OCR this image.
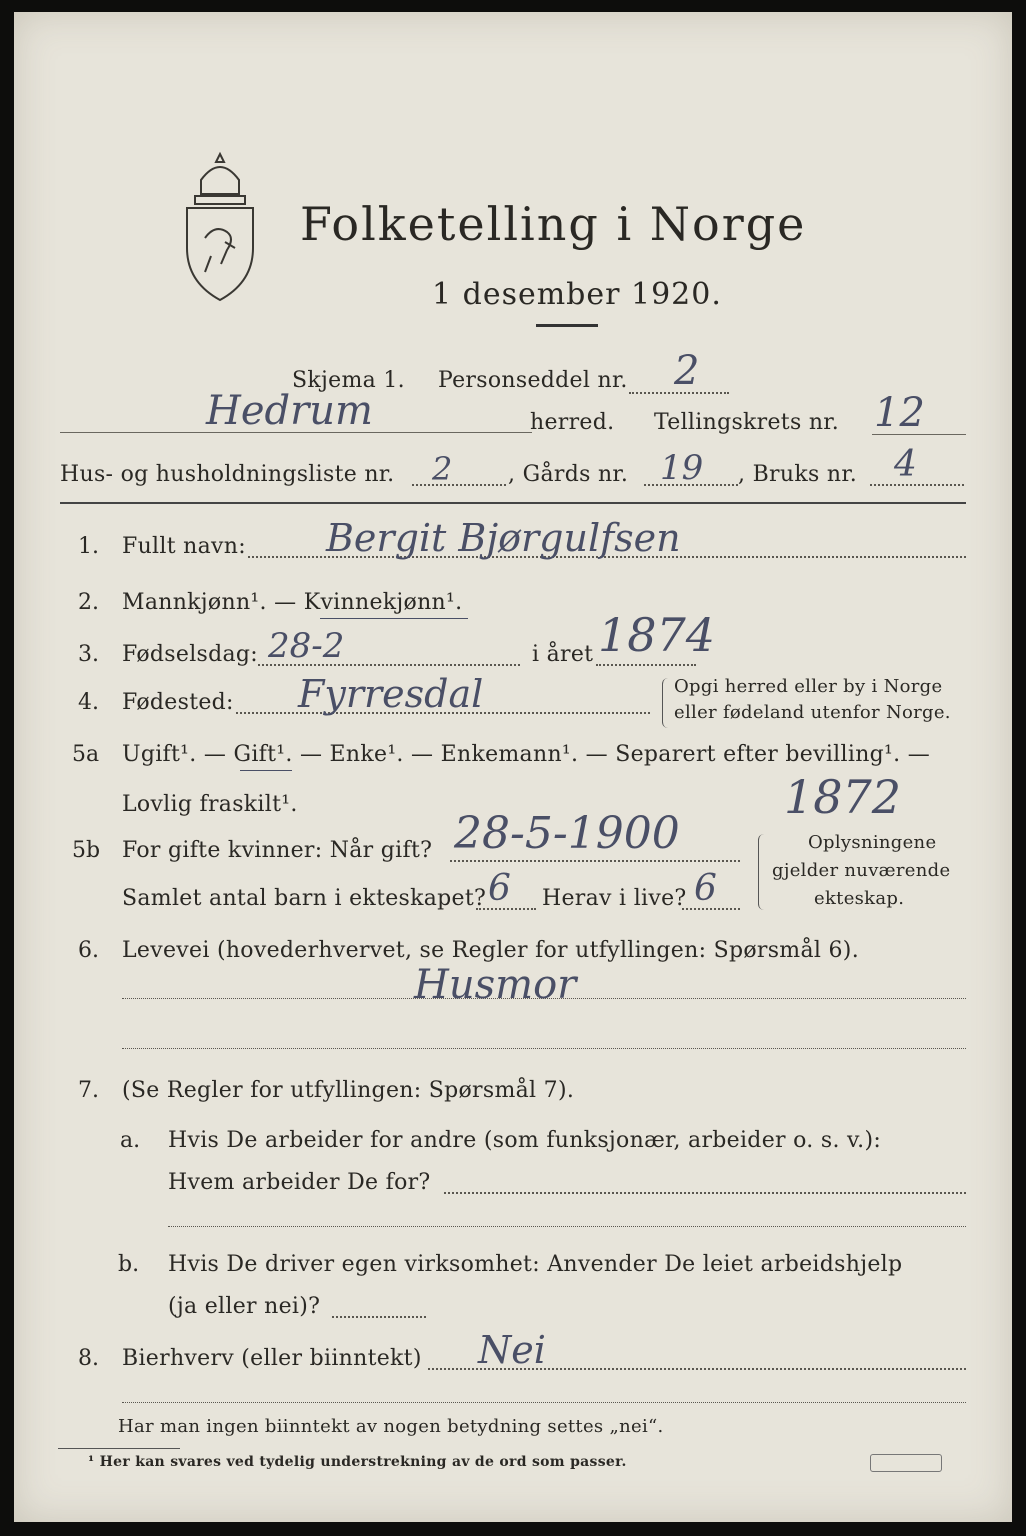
Folketelling i Norge
1 desember 1920.
Skjema 1. Personseddel nr. 2
Hedrum	herred. Tellingskrets nr. 12
Hus- og husholdningsliste nr. 2	, Gårds nr. 19 , Bruks nr. 4
1. Fullt navn: Bergit Bjørgulfsen
2. Mannkjønn¹. — Kvinnekjønn¹.
3. Fødselsdag: 28-2	i året 1874
4. Fødested: Fyrresdal	Opgi herred eller by i Norge
eller fødeland utenfor Norge.
5a Ugift¹. — Gift¹. — Enke¹. — Enkemann¹. — Separert efter bevilling¹. —
Lovlig fraskilt¹.	1872
5b For gifte kvinner: Når gift? 28-5-1900
Samlet antal barn i ekteskapet? 6 Herav i live? 6
Oplysningene
gjelder nuværende
ekteskap.
6. Levevei (hovederhvervet, se Regler for utfyllingen: Spørsmål 6).
Husmor
7. (Se Regler for utfyllingen: Spørsmål 7).
a. Hvis De arbeider for andre (som funksjonær, arbeider o. s. v.):
Hvem arbeider De for?
b. Hvis De driver egen virksomhet: Anvender De leiet arbeidshjelp
(ja eller nei)?
8. Bierhverv (eller biinntekt) Nei
Har man ingen biinntekt av nogen betydning settes „nei“.
¹ Her kan svares ved tydelig understrekning av de ord som passer.
